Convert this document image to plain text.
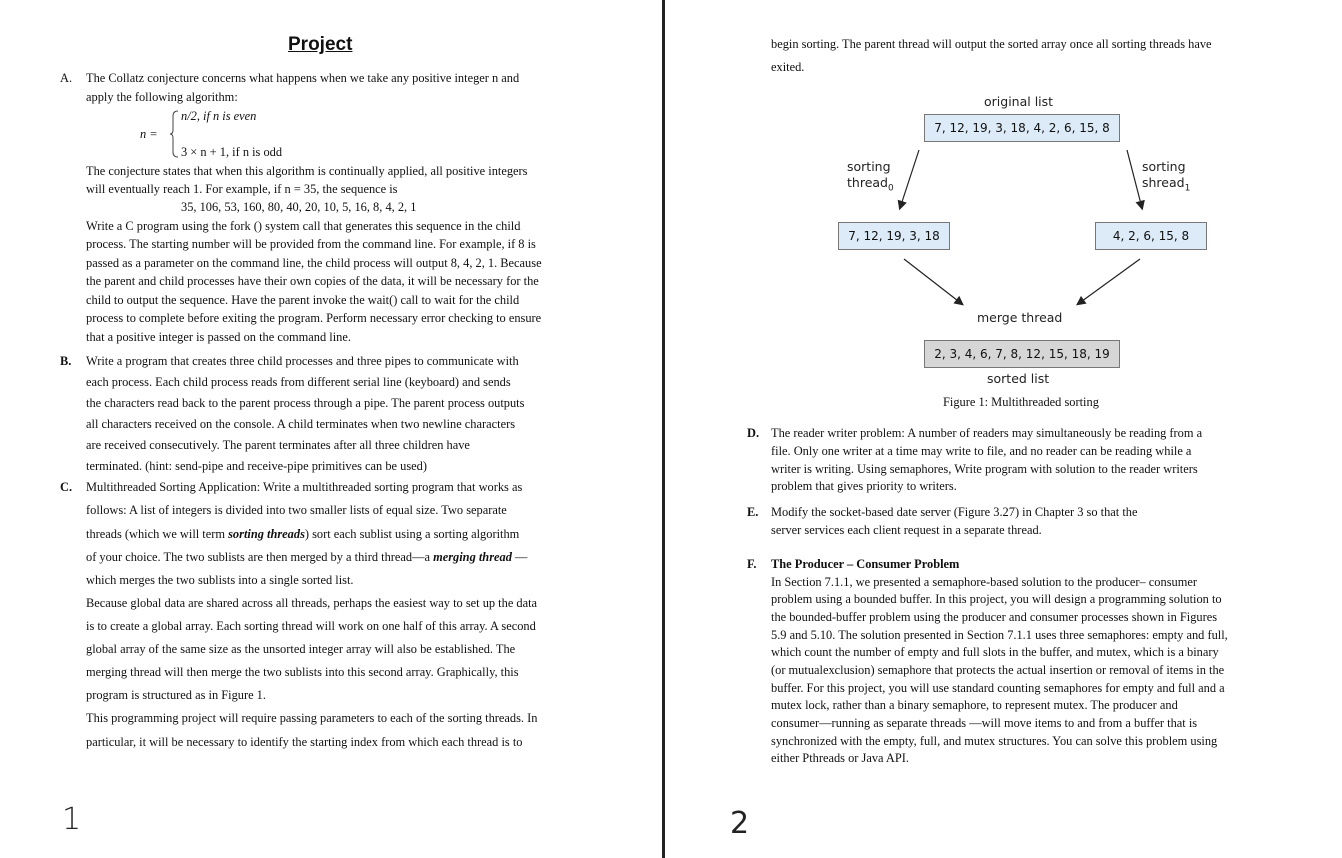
Project
A. The Collatz conjecture concerns what happens when we take any positive integer n and
apply the following algorithm:
n/2, if n is even
n =
3 × n + 1, if n is odd
The conjecture states that when this algorithm is continually applied, all positive integers
will eventually reach 1. For example, if n = 35, the sequence is
35, 106, 53, 160, 80, 40, 20, 10, 5, 16, 8, 4, 2, 1
Write a C program using the fork () system call that generates this sequence in the child
process. The starting number will be provided from the command line. For example, if 8 is
passed as a parameter on the command line, the child process will output 8, 4, 2, 1. Because
the parent and child processes have their own copies of the data, it will be necessary for the
child to output the sequence. Have the parent invoke the wait() call to wait for the child
process to complete before exiting the program. Perform necessary error checking to ensure
that a positive integer is passed on the command line.
B. Write a program that creates three child processes and three pipes to communicate with
each process. Each child process reads from different serial line (keyboard) and sends
the characters read back to the parent process through a pipe. The parent process outputs
all characters received on the console. A child terminates when two newline characters
are received consecutively. The parent terminates after all three children have
terminated. (hint: send-pipe and receive-pipe primitives can be used)
C. Multithreaded Sorting Application: Write a multithreaded sorting program that works as
follows: A list of integers is divided into two smaller lists of equal size. Two separate
threads (which we will term sorting threads) sort each sublist using a sorting algorithm
of your choice. The two sublists are then merged by a third thread—a merging thread —
which merges the two sublists into a single sorted list.
Because global data are shared across all threads, perhaps the easiest way to set up the data
is to create a global array. Each sorting thread will work on one half of this array. A second
global array of the same size as the unsorted integer array will also be established. The
merging thread will then merge the two sublists into this second array. Graphically, this
program is structured as in Figure 1.
This programming project will require passing parameters to each of the sorting threads. In
particular, it will be necessary to identify the starting index from which each thread is to
1
begin sorting. The parent thread will output the sorted array once all sorting threads have
exited.
original list
7, 12, 19, 3, 18, 4, 2, 6, 15, 8
sorting
thread$_0$
sorting
shread$_1$
7, 12, 19, 3, 18	4, 2, 6, 15, 8
merge thread
2, 3, 4, 6, 7, 8, 12, 15, 18, 19
sorted list
Figure 1: Multithreaded sorting
D. The reader writer problem: A number of readers may simultaneously be reading from a
file. Only one writer at a time may write to file, and no reader can be reading while a
writer is writing. Using semaphores, Write program with solution to the reader writers
problem that gives priority to writers.
E. Modify the socket-based date server (Figure 3.27) in Chapter 3 so that the
server services each client request in a separate thread.
F. The Producer – Consumer Problem
In Section 7.1.1, we presented a semaphore-based solution to the producer– consumer
problem using a bounded buffer. In this project, you will design a programming solution to
the bounded-buffer problem using the producer and consumer processes shown in Figures
5.9 and 5.10. The solution presented in Section 7.1.1 uses three semaphores: empty and full,
which count the number of empty and full slots in the buffer, and mutex, which is a binary
(or mutualexclusion) semaphore that protects the actual insertion or removal of items in the
buffer. For this project, you will use standard counting semaphores for empty and full and a
mutex lock, rather than a binary semaphore, to represent mutex. The producer and
consumer—running as separate threads —will move items to and from a buffer that is
synchronized with the empty, full, and mutex structures. You can solve this problem using
either Pthreads or Java API.
2
